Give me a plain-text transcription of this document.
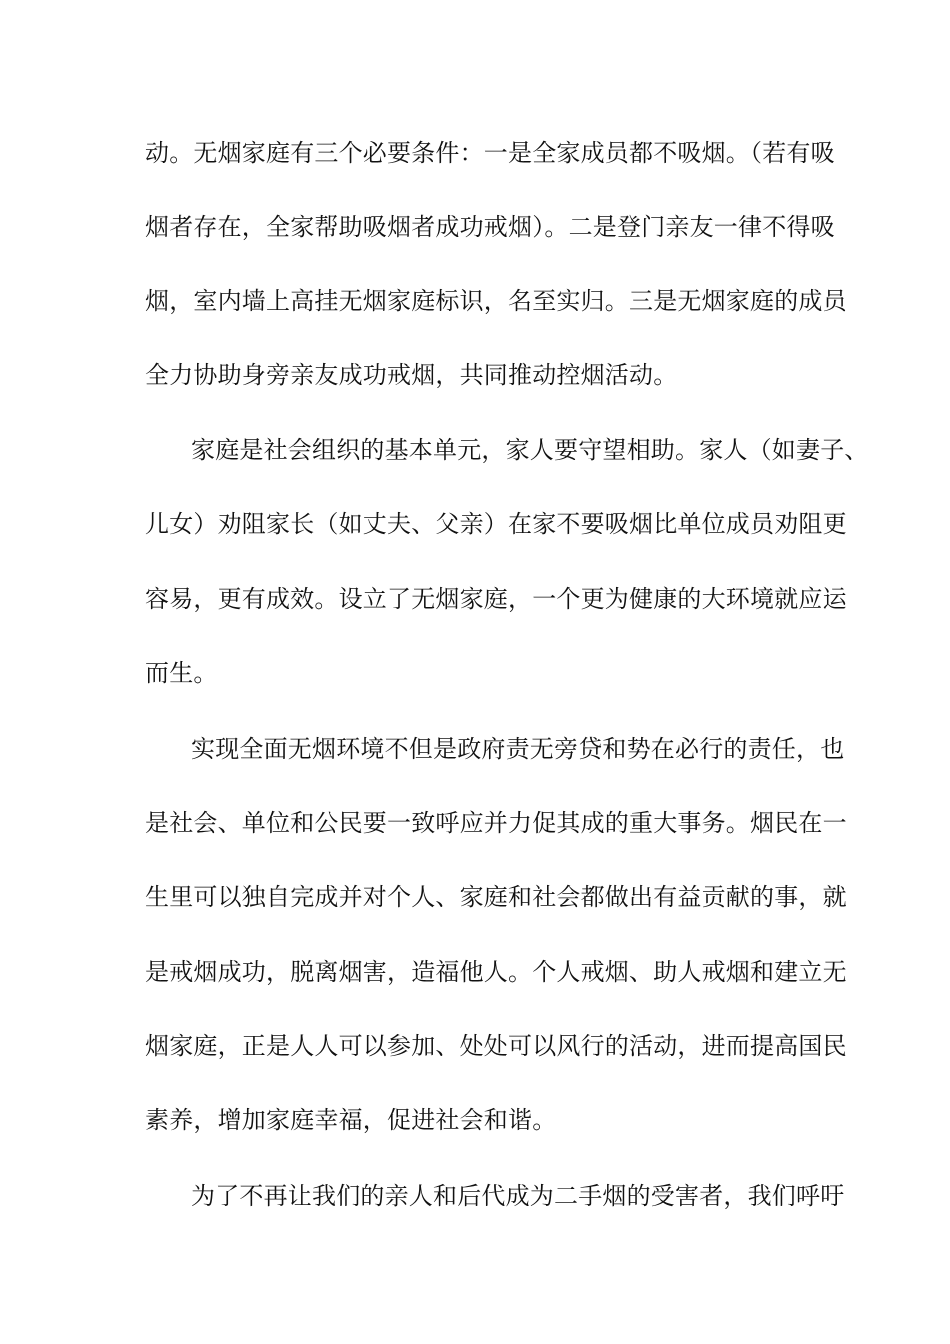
动。无烟家庭有三个必要条件：一是全家成员都不吸烟。（若有吸
烟者存在，全家帮助吸烟者成功戒烟）。二是登门亲友一律不得吸
烟，室内墙上高挂无烟家庭标识，名至实归。三是无烟家庭的成员
全力协助身旁亲友成功戒烟，共同推动控烟活动。
家庭是社会组织的基本单元，家人要守望相助。家人（如妻子、
儿女）劝阻家长（如丈夫、父亲）在家不要吸烟比单位成员劝阻更
容易，更有成效。设立了无烟家庭，一个更为健康的大环境就应运
而生。
实现全面无烟环境不但是政府责无旁贷和势在必行的责任，也
是社会、单位和公民要一致呼应并力促其成的重大事务。烟民在一
生里可以独自完成并对个人、家庭和社会都做出有益贡献的事，就
是戒烟成功，脱离烟害，造福他人。个人戒烟、助人戒烟和建立无
烟家庭，正是人人可以参加、处处可以风行的活动，进而提高国民
素养，增加家庭幸福，促进社会和谐。
为了不再让我们的亲人和后代成为二手烟的受害者，我们呼吁
